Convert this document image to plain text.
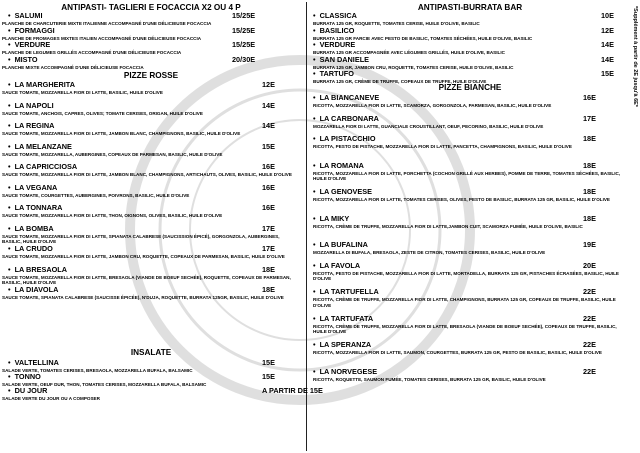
*Supplément à partir de 2E jusqu'à 6E*
ANTIPASTI- TAGLIERI E FOCACCIA X2 OU 4 P
• SALUMI	15/25E
PLANCHE DE CHARCUTERIE MIXTE ITALIENNE ACCOMPAGNÉ D'UNE DÉLICIEUSE FOCACCIA
• FORMAGGI	15/25E
PLANCHE DE FROMAGES MIXTES ITALIEN ACCOMPAGNÉ D'UNE DÉLICIEUSE FOCACCIA
• VERDURE	15/25E
PLANCHE DE LEGUMES GRILLÉS ACCOMPAGNÉ D'UNE DÉLICIEUSE FOCACCIA
• MISTO	20/30E
PLANCHE MIXTE ACCOMPAGNÉ D'UNE DÉLICIEUSE FOCACCIA
PIZZE ROSSE
• LA MARGHERITA	12E
SAUCE TOMATE, MOZZARELLA FIOR DI LATTE, BASILIC, HUILE D'OLIVE
• LA NAPOLI	14E
SAUCE TOMATE, ANCHOIS, CAPRES, OLIVES; TOMATE CERISES, ORIGAN, HUILE D'OLIVE
• LA REGINA	14E
SAUCE TOMATE, MOZZARELLA FIOR DI LATTE, JAMBON BLANC, CHAMPIGNONS, BASILIC, HUILE D'OLIVE
• LA MELANZANE	15E
SAUCE TOMATE, MOZZARELLA, AUBERGINES, COPEAUX DE PARMESAN, BASILIC, HUILE D'OLIVE
• LA CAPRICCIOSA	16E
SAUCE TOMATE, MOZZARELLA FIOR DI LATTE, JAMBON BLANC, CHAMPIGNONS, ARTICHAUTS, OLIVES, BASILIC, HUILE D'OLIVE
• LA VEGANA	16E
SAUCE TOMATE, COURGETTES, AUBERGINES, POIVRONS, BASILIC, HUILE D'OLIVE
• LA TONNARA	16E
SAUCE TOMATE, MOZZARELLA FIOR DI LATTE, THON, OIGNONS, OLIVES, BASILIC, HUILE D'OLIVE
• LA BOMBA	17E
SAUCE TOMATE, MOZZARELLA FIOR DI LATTE, SPIANATA CALABRESE (SAUCISSION ÉPICÉ), GORGONZOLA, AUBERGINES, BASILIC, HUILE D'OLIVE
• LA CRUDO	17E
SAUCE TOMATE, MOZZARELLA FIOR DI LATTE, JAMBON CRU, ROQUETTE, COPEAUX DE PARMESAN, BASILIC, HUILE D'OLIVE
• LA BRESAOLA	18E
SAUCE TOMATE, MOZZARELLA FIOR DI LATTE, BRESAOLA (VIANDE DE BOEUF SECHÉE), ROQUETTE, COPEAUX DE PARMESAN, BASILIC, HUILE D'OLIVE
• LA DIAVOLA	18E
SAUCE TOMATE, SPIANATA CALABRESE (SAUCISSE ÉPICÉE), N'DUJA, ROQUETTE, BURRATA 125GR, BASILIC, HUILE D'OLIVE
INSALATE
• VALTELLINA	15E
SALADE VERTE, TOMATES CERISES, BRESAOLA, MOZZARELLA BUFALA, BALSAMIC
• TONNO	15E
SALADE VERTE, OEUF DUR, THON, TOMATES CERISES, MOZZARELLA BUFALA, BALSAMIC
• DU JOUR	A PARTIR DE 15E
SALADE VERTE DU JOUR OU A COMPOSER
ANTIPASTI-BURRATA BAR
• CLASSICA	10E
BURRATA 125 GR, ROQUETTE, TOMATES CERISE, HUILE D'OLIVE, BASILIC
• BASILICO	12E
BURRATA 125 GR FARCIE AVEC PESTO DE BASILIC, TOMATES SÉCHÉES, HUILE D'OLIVE, BASILIC
• VERDURE	14E
BURRATA 125 GR ACCOMPAGNÉE AVEC LÉGUMES GRILLÉS, HUILE D'OLIVE, BASILIC
• SAN DANIELE	14E
BURRATA 125 GR, JAMBON CRU, ROQUETTE, TOMATES CERISE, HUILE D'OLIVE, BASILIC
• TARTUFO	15E
BURRATA 125 GR, CRÈME DE TRUFFE, COPEAUX DE TRUFFE, HUILE D'OLIVE
PIZZE BIANCHE
• LA BIANCANEVE	16E
RICOTTA, MOZZARELLA FIOR DI LATTE, SCAMORZA, GORGONZOLA, PARMESAN, BASILIC, HUILE D'OLIVE
• LA CARBONARA	17E
MOZZARELLA FIOR DI LATTE, GUANCIALE CROUSTILLANT, OEUF, PECORINO, BASILIC, HUILE D'OLIVE
• LA PISTACCHIO	18E
RICOTTA, PESTO DE PISTACHE, MOZZARELLA FIOR DI LATTE, PANCETTA, CHAMPIGNONS, BASILIC, HUILE D'OLIVE
• LA ROMANA	18E
RICOTTA, MOZZARELLA FIOR DI LATTE, PORCHETTA (COCHON GRILLÉ AUX HERBES), POMME DE TERRE, TOMATES SÉCHÉES, BASILIC, HUILE D'OLIVE
• LA GENOVESE	18E
RICOTTA, MOZZARELLA FIOR DI LATTE, TOMATES CERISES, OLIVES, PESTO DE BASILIC, BURRATA 125 GR, BASILIC, HUILE D'OLIVE
• LA MIKY	18E
RICOTTA, CRÈME DE TRUFFE, MOZZARELLA FIOR DI LATTE,JAMBON CUIT, SCAMORZA FUMÉE, HUILE D'OLIVE, BASILIC
• LA BUFALINA	19E
MOZZARELLA DI BUFALA, BRESAOLA, ZESTE DE CITRON, TOMATES CERISES, BASILIC, HUILE D'OLIVE
• LA FAVOLA	20E
RICOTTA, PESTO DE PISTACHE, MOZZARELLA FIOR DI LATTE, MORTADELLA, BURRATA 125 GR, PISTACHES ÉCRASÉES, BASILIC, HUILE D'OLIVE
• LA TARTUFELLA	22E
RICOTTA, CRÈME DE TRUFFE, MOZZARELLA FIOR DI LATTE, CHAMPIGNONS, BURRATA 125 GR, COPEAUX DE TRUFFE, BASILIC, HUILE D'OLIVE
• LA TARTUFATA	22E
RICOTTA, CRÈME DE TRUFFE, MOZZARELLA FIOR DI LATTE, BRESAOLA (VIANDE DE BOEUF SECHÉE), COPEAUX DE TRUFFE, BASILIC, HUILE D'OLIVE
• LA SPERANZA	22E
RICOTTA, MOZZARELLA FIOR DI LATTE, SAUMON, COURGETTES, BURRATA 125 GR, PESTO DE BASILIC, BASILIC, HUILE D'OLIVE
• LA NORVEGESE	22E
RICOTTA, ROQUETTE, SAUMON FUMÉE, TOMATES CERISES, BURRATA 125 GR, BASILIC, HUILE D'OLIVE
